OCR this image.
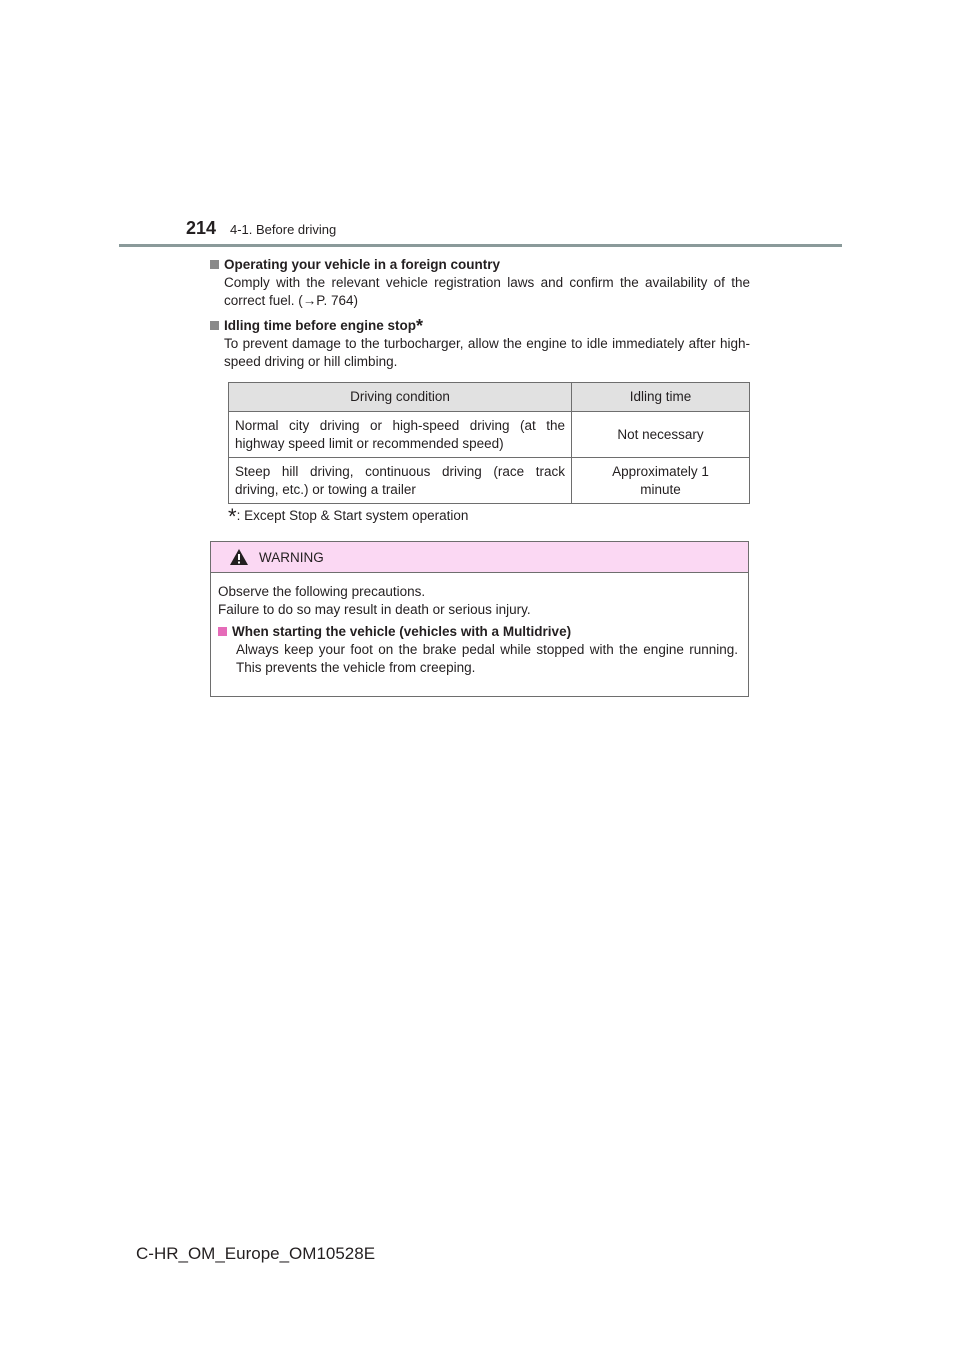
214 4-1. Before driving
Operating your vehicle in a foreign country
Comply with the relevant vehicle registration laws and confirm the availability of the correct fuel. (→P. 764)
Idling time before engine stop*
To prevent damage to the turbocharger, allow the engine to idle immediately after high-speed driving or hill climbing.
Driving condition	Idling time
Normal city driving or high-speed driving (at the highway speed limit or recommended speed)	Not necessary
Steep hill driving, continuous driving (race track driving, etc.) or towing a trailer	Approximately 1 minute
*: Except Stop & Start system operation
WARNING
Observe the following precautions.
Failure to do so may result in death or serious injury.
When starting the vehicle (vehicles with a Multidrive)
Always keep your foot on the brake pedal while stopped with the engine running. This prevents the vehicle from creeping.
C-HR_OM_Europe_OM10528E
